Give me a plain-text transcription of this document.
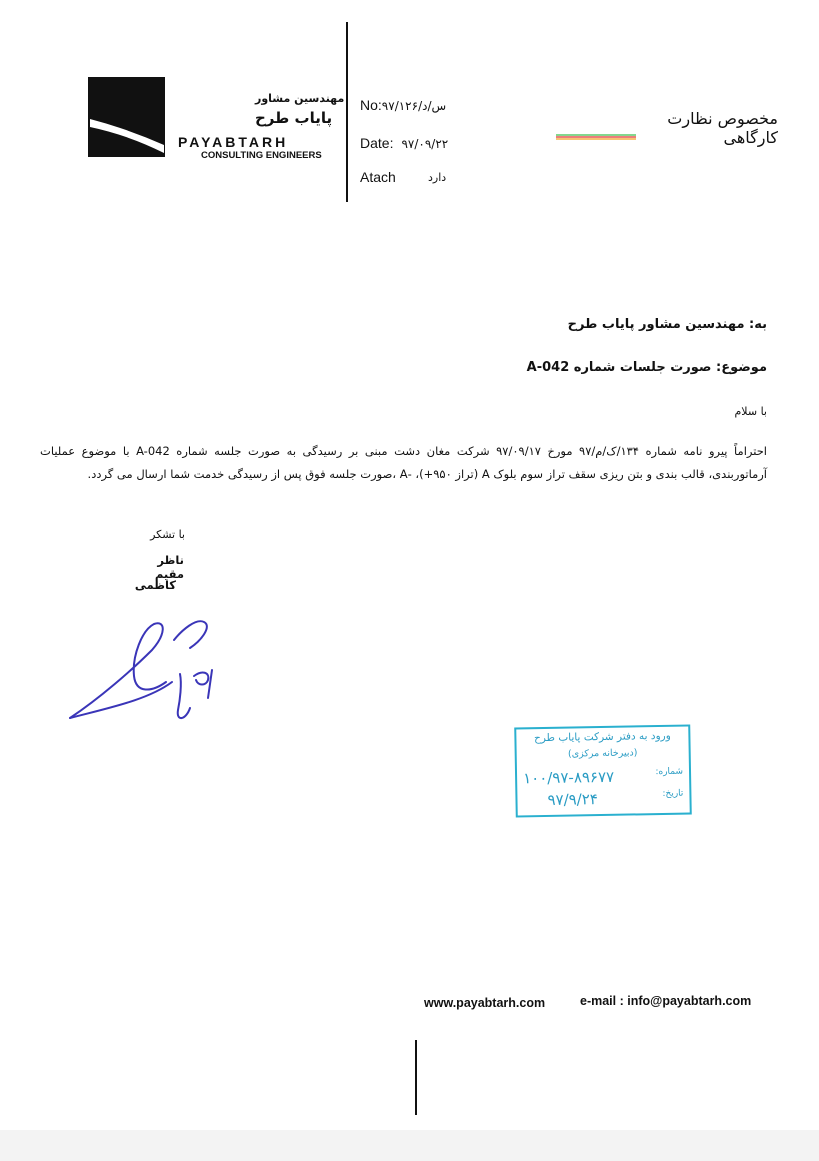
مهندسین مشاور
پایاب طرح
PAYABTARH
CONSULTING ENGINEERS
No:۹۷/س/د/۱۲۶
Date: ۹۷/۰۹/۲۲
Atach	دارد
مخصوص نظارت کارگاهی
به: مهندسین مشاور پایاب طرح
موضوع: صورت جلسات شماره A-042
با سلام
احتراماً پیرو نامه شماره ۱۳۴/ک/م/۹۷ مورخ ۹۷/۰۹/۱۷ شرکت مغان دشت مبنی بر رسیدگی به صورت جلسه شماره A-042 با موضوع عملیات آرماتوربندی، قالب بندی و بتن ریزی سقف تراز سوم بلوک A (تراز ۹۵۰+)، -A ،صورت جلسه فوق پس از رسیدگی خدمت شما ارسال می گردد.
با تشکر
ناظر مقیم
کاظمی
ورود به دفتر شرکت پایاب طرح
(دبیرخانه مرکزی)
شماره:
۱۰۰/۹۷-۸۹۶۷۷
تاریخ:
۹۷/۹/۲۴
www.payabtarh.com	e-mail : info@payabtarh.com
